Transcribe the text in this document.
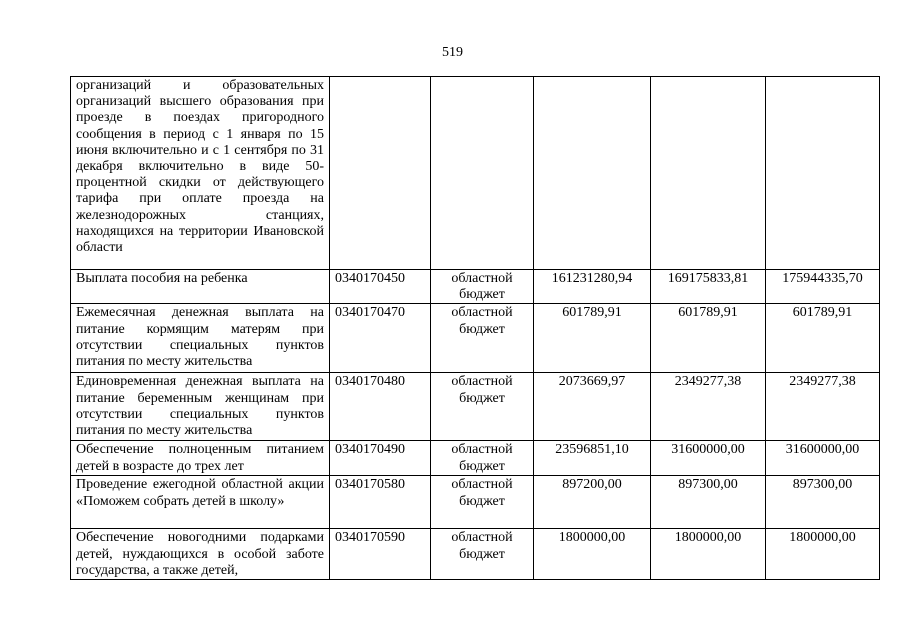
519
организаций и образовательных организаций высшего образования при проезде в поездах пригородного сообщения в период с 1 января по 15 июня включительно и с 1 сентября по 31 декабря включительно в виде 50-процентной скидки от действующего тарифа при оплате проезда на железнодорожных станциях, находящихся на территории Ивановской области					
Выплата пособия на ребенка	0340170450	областной бюджет	161231280,94	169175833,81	175944335,70
Ежемесячная денежная выплата на питание кормящим матерям при отсутствии специальных пунктов питания по месту жительства	0340170470	областной бюджет	601789,91	601789,91	601789,91
Единовременная денежная выплата на питание беременным женщинам при отсутствии специальных пунктов питания по месту жительства	0340170480	областной бюджет	2073669,97	2349277,38	2349277,38
Обеспечение полноценным питанием детей в возрасте до трех лет	0340170490	областной бюджет	23596851,10	31600000,00	31600000,00
Проведение ежегодной областной акции «Поможем собрать детей в школу»	0340170580	областной бюджет	897200,00	897300,00	897300,00
Обеспечение новогодними подарками детей, нуждающихся в особой заботе государства, а также детей,	0340170590	областной бюджет	1800000,00	1800000,00	1800000,00
